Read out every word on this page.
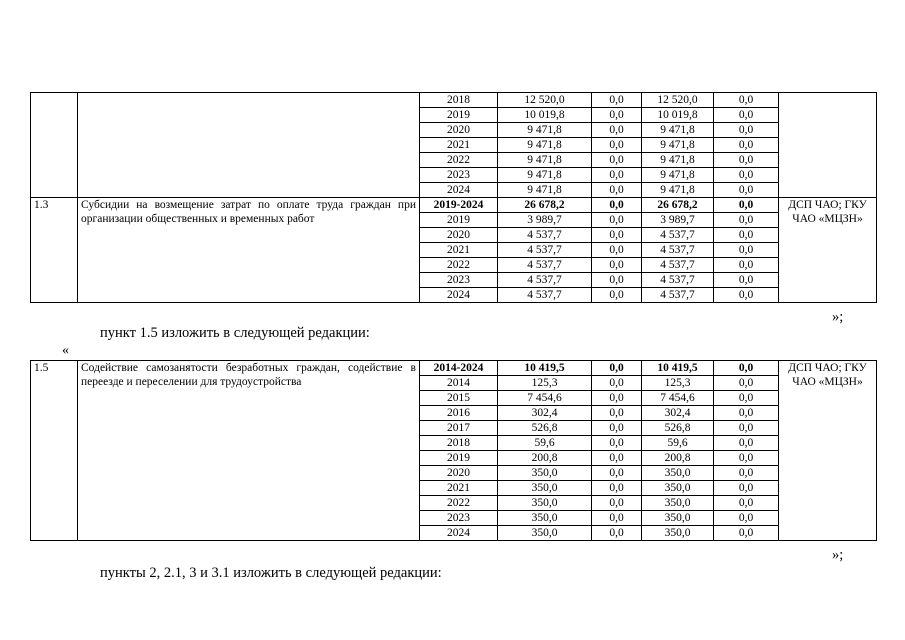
		2018	12 520,0	0,0	12 520,0	0,0	
		2019	10 019,8	0,0	10 019,8	0,0	
		2020	9 471,8	0,0	9 471,8	0,0	
		2021	9 471,8	0,0	9 471,8	0,0	
		2022	9 471,8	0,0	9 471,8	0,0	
		2023	9 471,8	0,0	9 471,8	0,0	
		2024	9 471,8	0,0	9 471,8	0,0	
1.3	Субсидии на возмещение затрат по оплате труда граждан при организации общественных и временных работ	2019-2024	26 678,2	0,0	26 678,2	0,0	ДСП ЧАО; ГКУ ЧАО «МЦЗН»
		2019	3 989,7	0,0	3 989,7	0,0	
		2020	4 537,7	0,0	4 537,7	0,0	
		2021	4 537,7	0,0	4 537,7	0,0	
		2022	4 537,7	0,0	4 537,7	0,0	
		2023	4 537,7	0,0	4 537,7	0,0	
		2024	4 537,7	0,0	4 537,7	0,0	
»;
пункт 1.5 изложить в следующей редакции:
«
1.5	Содействие самозанятости безработных граждан, содействие в переезде и переселении для трудоустройства	2014-2024	10 419,5	0,0	10 419,5	0,0	ДСП ЧАО; ГКУ ЧАО «МЦЗН»
		2014	125,3	0,0	125,3	0,0	
		2015	7 454,6	0,0	7 454,6	0,0	
		2016	302,4	0,0	302,4	0,0	
		2017	526,8	0,0	526,8	0,0	
		2018	59,6	0,0	59,6	0,0	
		2019	200,8	0,0	200,8	0,0	
		2020	350,0	0,0	350,0	0,0	
		2021	350,0	0,0	350,0	0,0	
		2022	350,0	0,0	350,0	0,0	
		2023	350,0	0,0	350,0	0,0	
		2024	350,0	0,0	350,0	0,0	
»;
пункты 2, 2.1, 3 и 3.1 изложить в следующей редакции:
